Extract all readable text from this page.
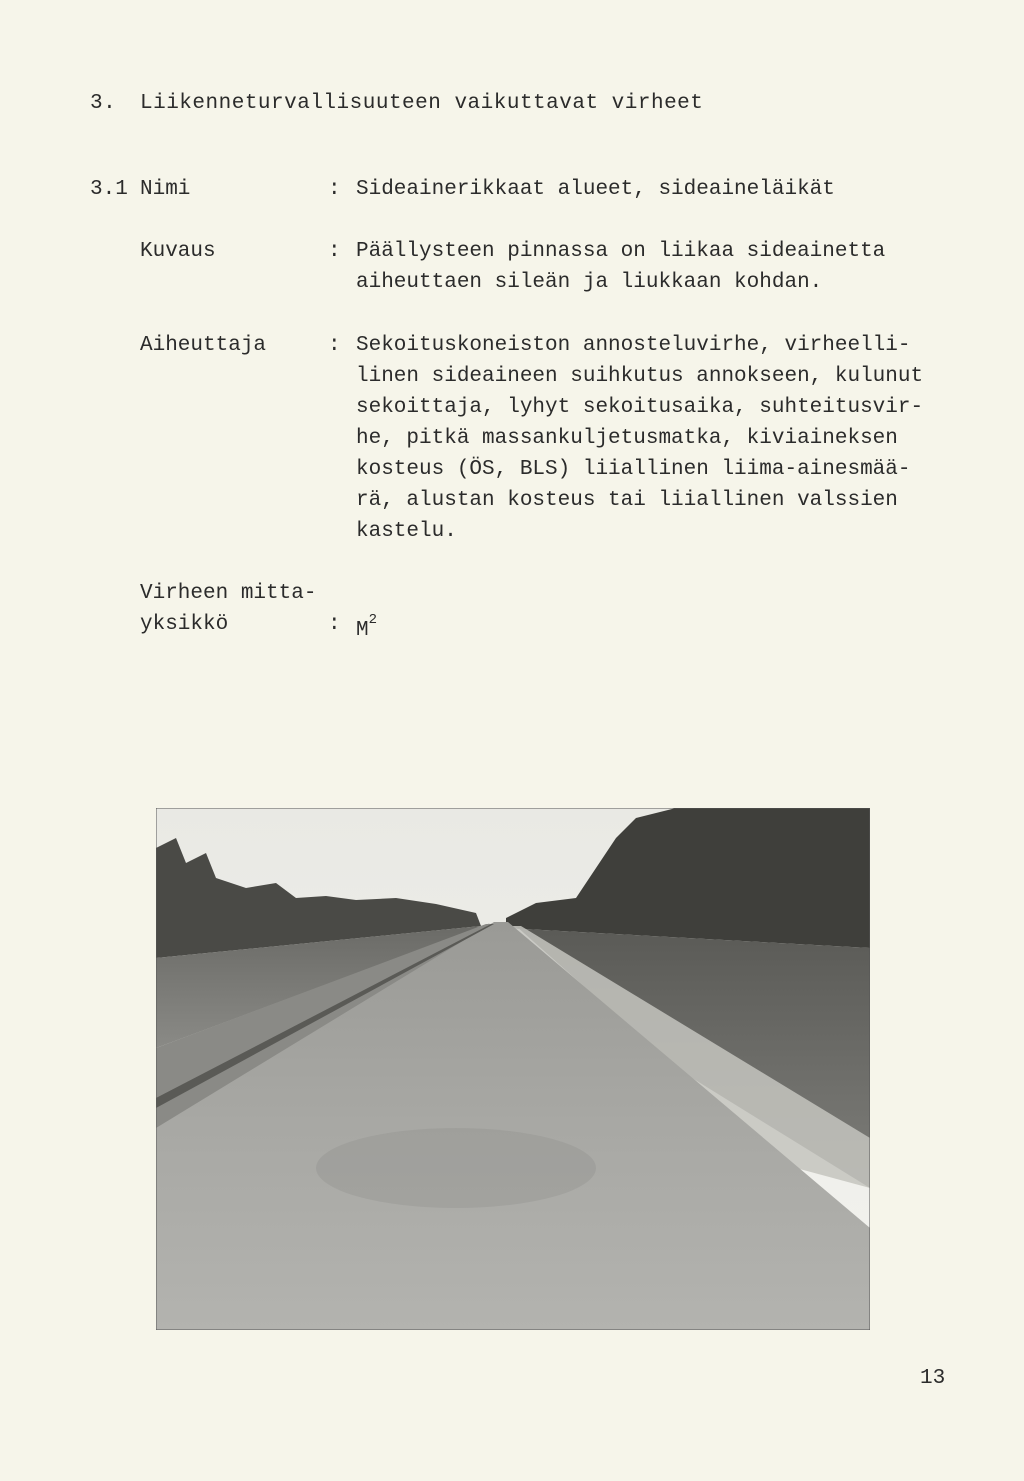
3. Liikenneturvallisuuteen vaikuttavat virheet
3.1 Nimi	: Sideainerikkaat alueet, sideaineläikät
Kuvaus	: Päällysteen pinnassa on liikaa sideainetta
aiheuttaen sileän ja liukkaan kohdan.
Aiheuttaja	: Sekoituskoneiston annosteluvirhe, virheelli-
linen sideaineen suihkutus annokseen, kulunut
sekoittaja, lyhyt sekoitusaika, suhteitusvir-
he, pitkä massankuljetusmatka, kiviaineksen
kosteus (ÖS, BLS) liiallinen liima-ainesmää-
rä, alustan kosteus tai liiallinen valssien
kastelu.
Virheen mitta-
yksikkö	: $M^2$
13
